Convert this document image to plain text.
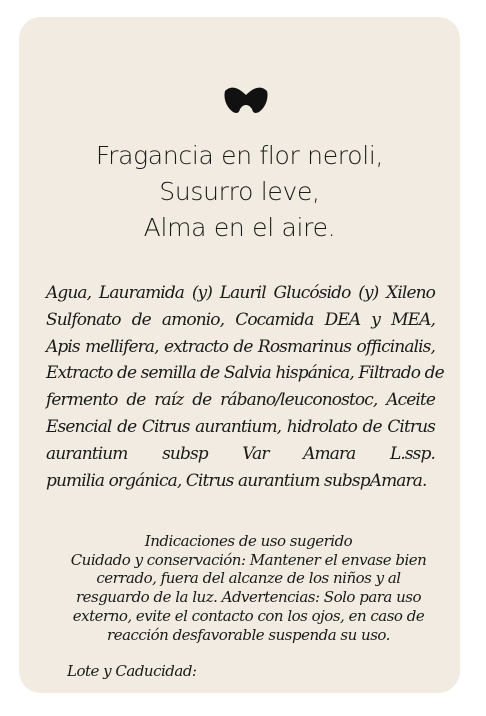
Fragancia en flor neroli,
Susurro leve,
Alma en el aire.
Agua, Lauramida (y) Lauril Glucósido (y) Xileno
Sulfonato de amonio, Cocamida DEA y MEA,
Apis mellifera, extracto de Rosmarinus officinalis,
Extracto de semilla de Salvia hispánica, Filtrado de
fermento de raíz de rábano/leuconostoc, Aceite
Esencial de Citrus aurantium, hidrolato de Citrus
aurantium subsp Var Amara L.ssp.
pumilia orgánica, Citrus aurantium subspAmara.
Indicaciones de uso sugerido
Cuidado y conservación: Mantener el envase bien
cerrado, fuera del alcanze de los niños y al
resguardo de la luz. Advertencias: Solo para uso
externo, evite el contacto con los ojos, en caso de
reacción desfavorable suspenda su uso.
Lote y Caducidad:
